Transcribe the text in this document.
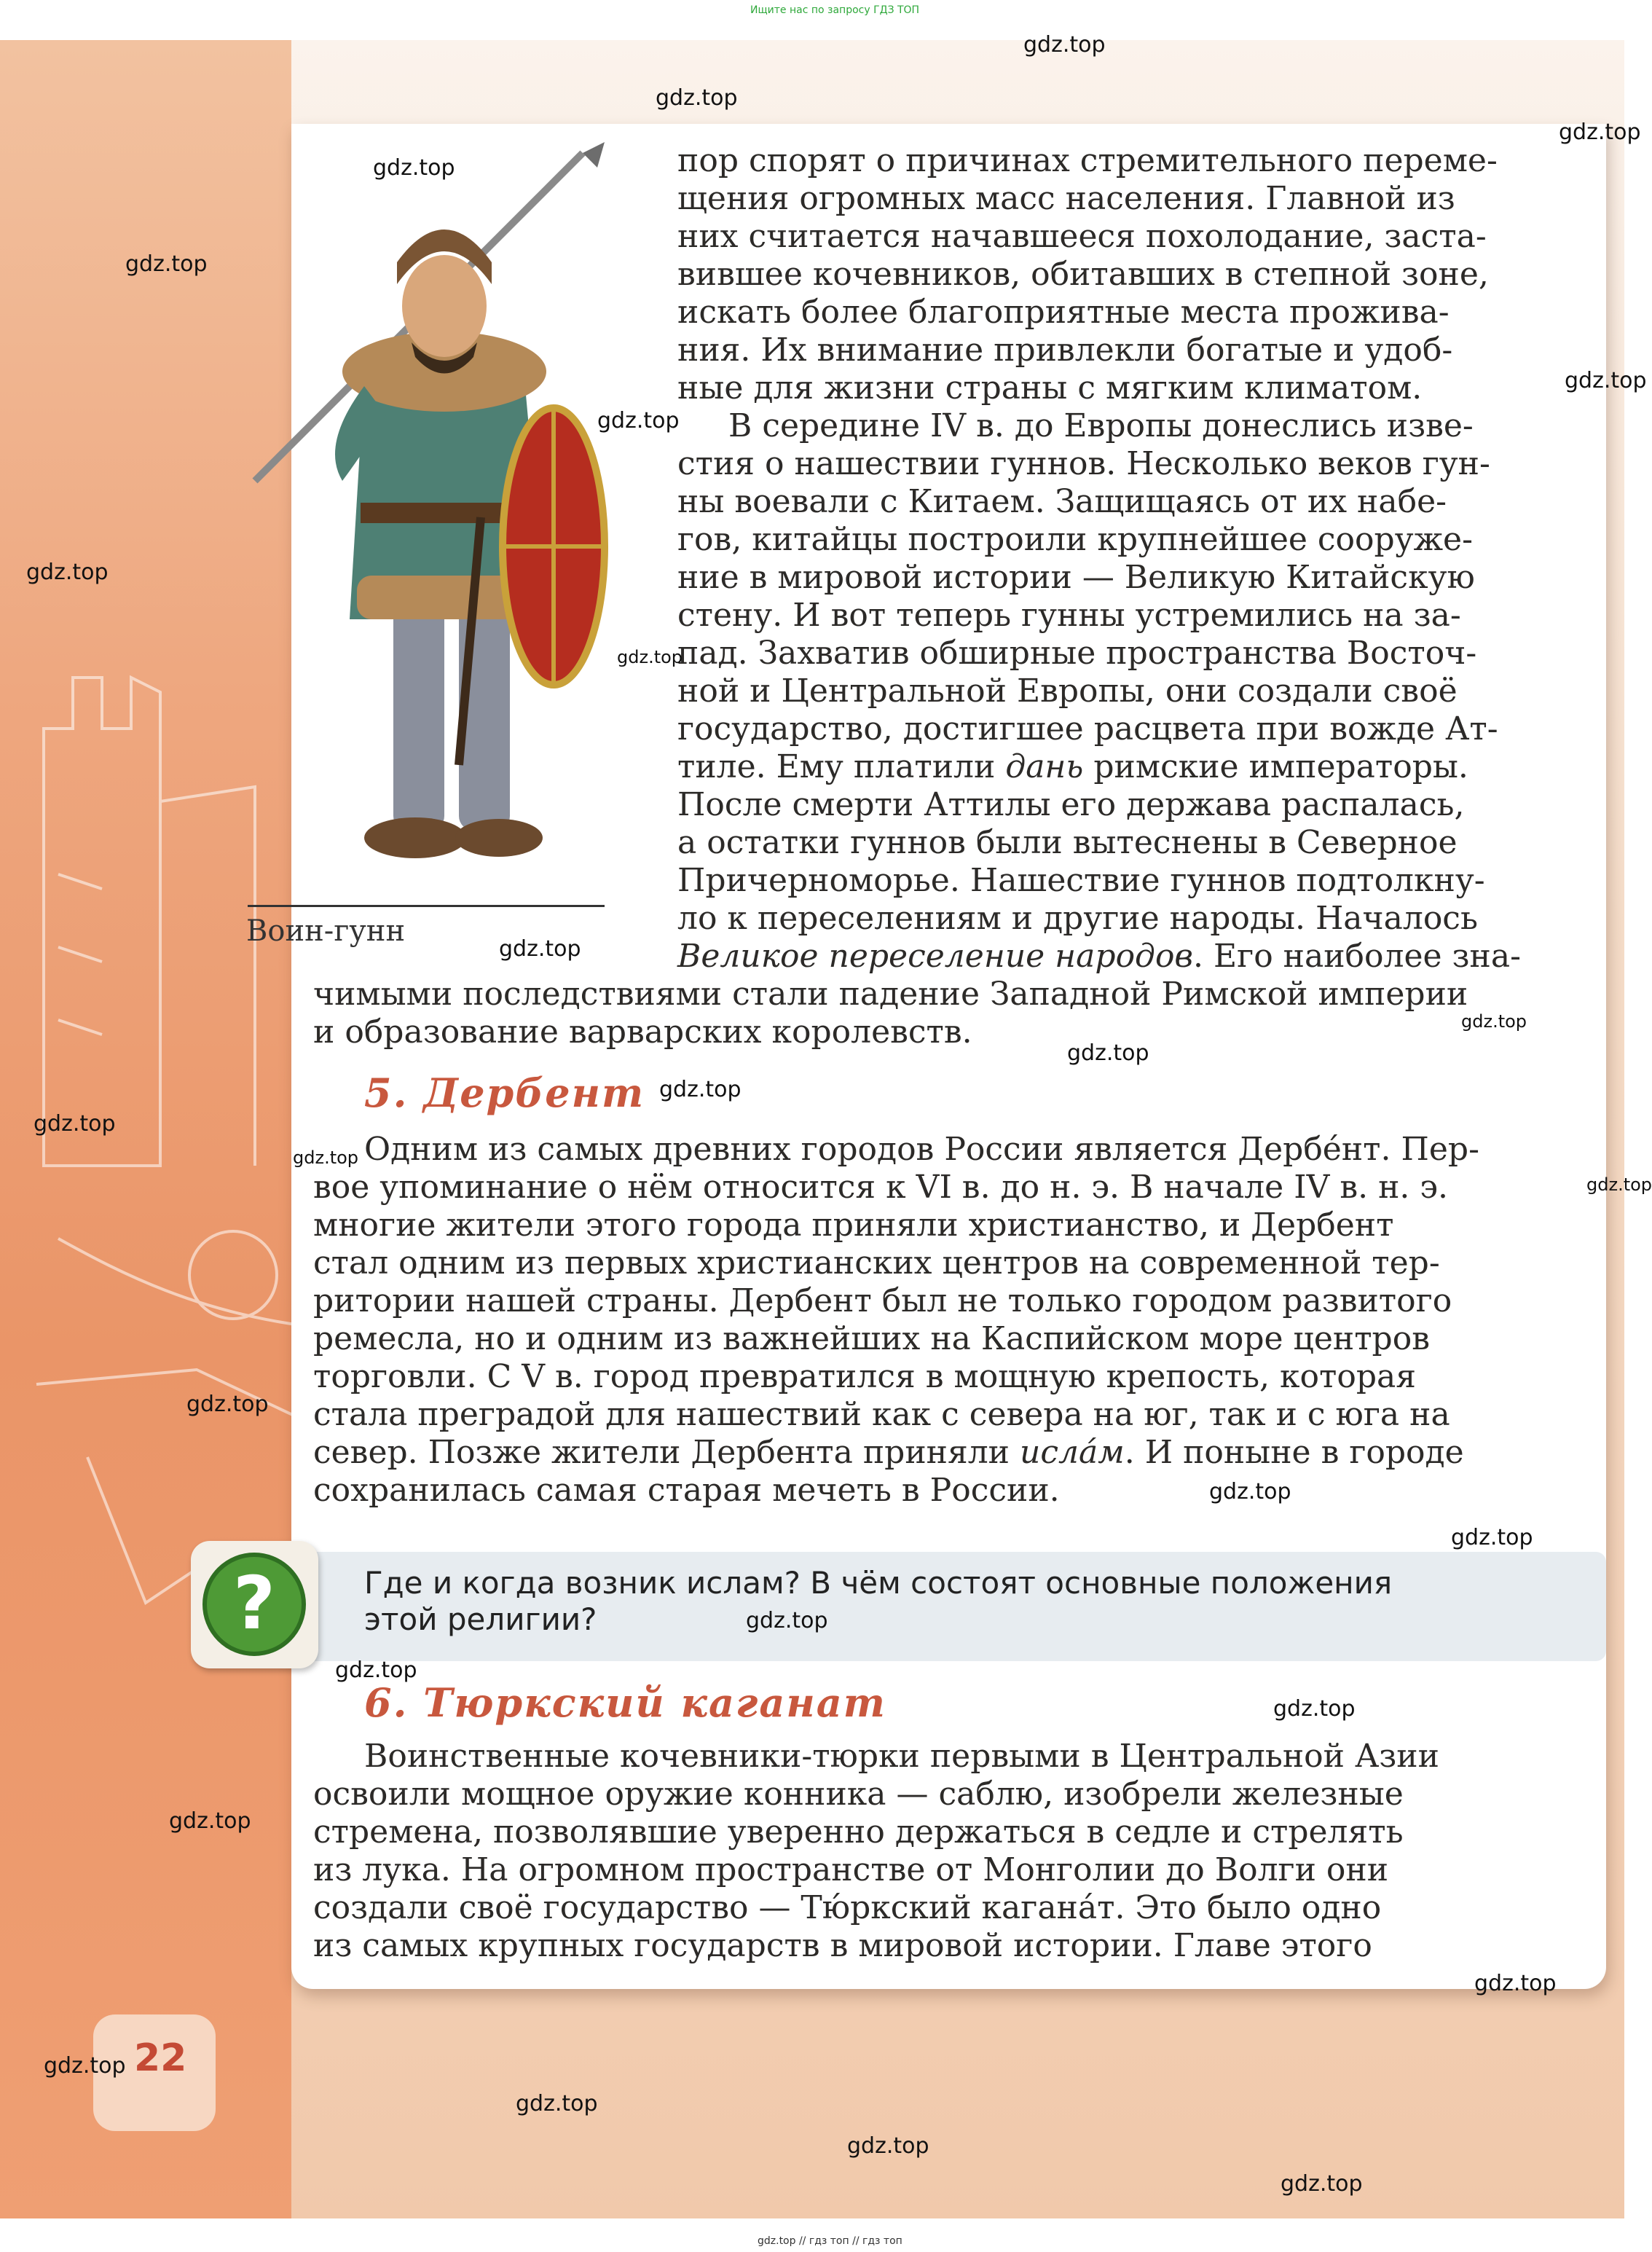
Ищите нас по запросу ГДЗ ТОП
Воин-гунн
пор спорят о причинах стремительного переме-
щения огромных масс населения. Главной из
них считается начавшееся похолодание, заста-
вившее кочевников, обитавших в степной зоне,
искать более благоприятные места прожива-
ния. Их внимание привлекли богатые и удоб-
ные для жизни страны с мягким климатом.
В середине IV в. до Европы донеслись изве-
стия о нашествии гуннов. Несколько веков гун-
ны воевали с Китаем. Защищаясь от их набе-
гов, китайцы построили крупнейшее сооруже-
ние в мировой истории — Великую Китайскую
стену. И вот теперь гунны устремились на за-
пад. Захватив обширные пространства Восточ-
ной и Центральной Европы, они создали своё
государство, достигшее расцвета при вожде Ат-
тиле. Ему платили дань римские императоры.
После смерти Аттилы его держава распалась,
а остатки гуннов были вытеснены в Северное
Причерноморье. Нашествие гуннов подтолкну-
ло к переселениям и другие народы. Началось
Великое переселение народов. Его наиболее зна-
чимыми последствиями стали падение Западной Римской империи
и образование варварских королевств.
5. Дербент
Одним из самых древних городов России является Дербе́нт. Пер-
вое упоминание о нём относится к VI в. до н. э. В начале IV в. н. э.
многие жители этого города приняли христианство, и Дербент
стал одним из первых христианских центров на современной тер-
ритории нашей страны. Дербент был не только городом развитого
ремесла, но и одним из важнейших на Каспийском море центров
торговли. С V в. город превратился в мощную крепость, которая
стала преградой для нашествий как с севера на юг, так и с юга на
север. Позже жители Дербента приняли исла́м. И поныне в городе
сохранилась самая старая мечеть в России.
?	Где и когда возник ислам? В чём состоят основные положения
этой религии?
6. Тюркский каганат
Воинственные кочевники-тюрки первыми в Центральной Азии
освоили мощное оружие конника — саблю, изобрели железные
стремена, позволявшие уверенно держаться в седле и стрелять
из лука. На огромном пространстве от Монголии до Волги они
создали своё государство — Тю́ркский кагана́т. Это было одно
из самых крупных государств в мировой истории. Главе этого
22
gdz.top
gdz.top
gdz.top
gdz.top
gdz.top
gdz.top
gdz.top
gdz.top
gdz.top
gdz.top
gdz.top
gdz.top
gdz.top
gdz.top
gdz.top
gdz.top
gdz.top
gdz.top
gdz.top
gdz.top
gdz.top
gdz.top
gdz.top
gdz.top
gdz.top
gdz.top
gdz.top
gdz.top
gdz.top // гдз топ // гдз топ
